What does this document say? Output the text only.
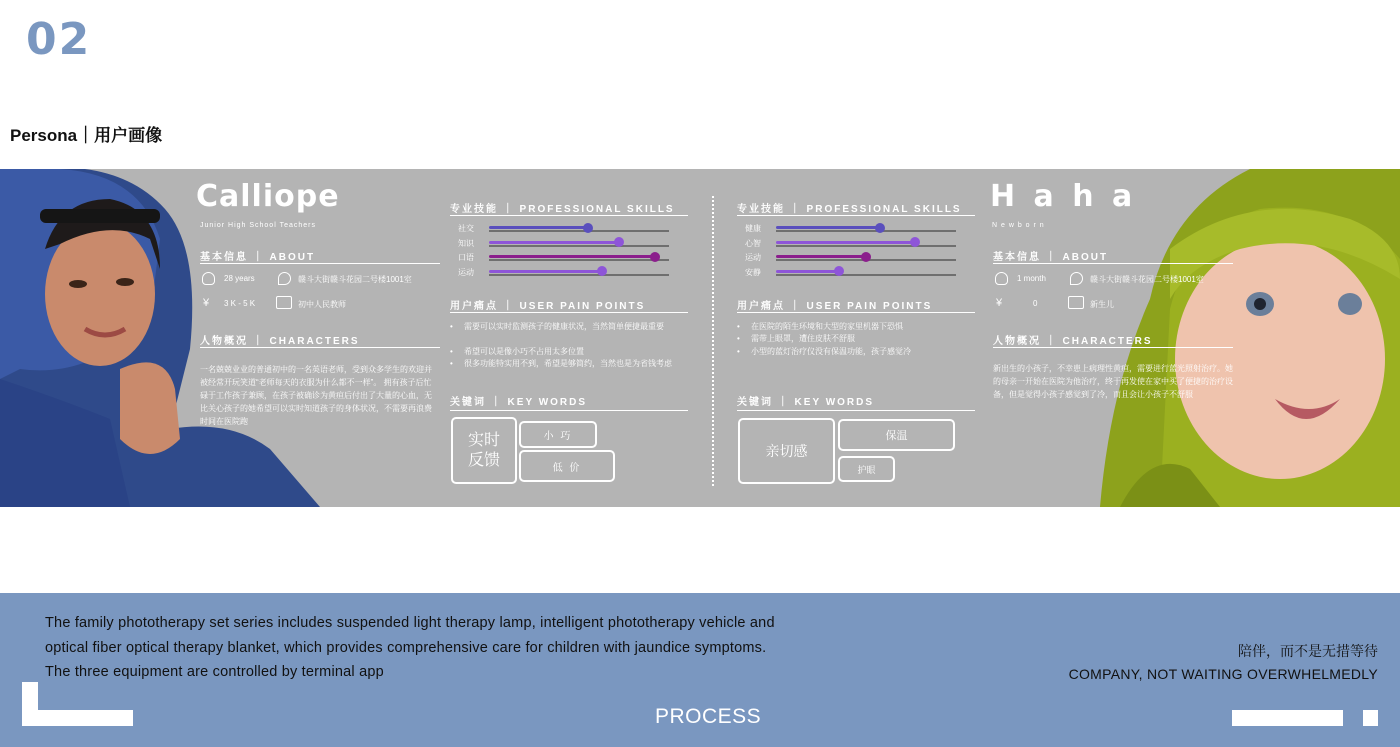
02
Persona｜用户画像
Calliope
Junior High School Teachers
基本信息 ｜ ABOUT
28 years	赣斗大街赣斗花园二号楼1001室
¥ 3 K - 5 K	初中人民教师
人物概况 ｜ CHARACTERS
一名兢兢业业的普通初中的一名英语老师，受到众多学生的欢迎并被经常开玩笑道“老师每天的衣服为什么都不一样”。 拥有孩子后忙碌于工作孩子兼顾，在孩子被确诊为黄疸后付出了大量的心血，无比关心孩子的她希望可以实时知道孩子的身体状况，不需要再浪费时间在医院跑
专业技能 ｜ PROFESSIONAL SKILLS
用户痛点 ｜ USER PAIN POINTS
• 需要可以实时监测孩子的健康状况，当然简单便捷最重要
• 希望可以是像小巧不占用太多位置
• 很多功能特实用不到，希望是够简约，当然也是为省钱考虑
关键词 ｜ KEY WORDS
实时
反馈
小 巧
低 价
专业技能 ｜ PROFESSIONAL SKILLS
用户痛点 ｜ USER PAIN POINTS
• 在医院的陌生环境和大型的家里机器下恐惧
• 需带上眼罩，遭住皮肤不舒服
• 小型的蓝灯治疗仪没有保温功能，孩子感觉冷
关键词 ｜ KEY WORDS
亲切感
保温
护眼
H a h a
N e w b o r n
基本信息 ｜ ABOUT
1 month	赣斗大街赣斗花园二号楼1001室
¥	0	新生儿
人物概况 ｜ CHARACTERS
新出生的小孩子，不幸患上病理性黄疸，需要进行蓝光照射治疗。她的母亲一开始在医院为他治疗，终于再发使在家中买了便捷的治疗设备，但是觉得小孩子感觉到了冷，而且会让小孩子不舒服
社交
知识
口语
运动
健康
心智
运动
安静
The family phototherapy set series includes suspended light therapy lamp, intelligent phototherapy vehicle and
optical fiber optical therapy blanket, which provides comprehensive care for children with jaundice symptoms.
The three equipment are controlled by terminal app
陪伴，而不是无措等待
COMPANY, NOT WAITING OVERWHELMEDLY
PROCESS
